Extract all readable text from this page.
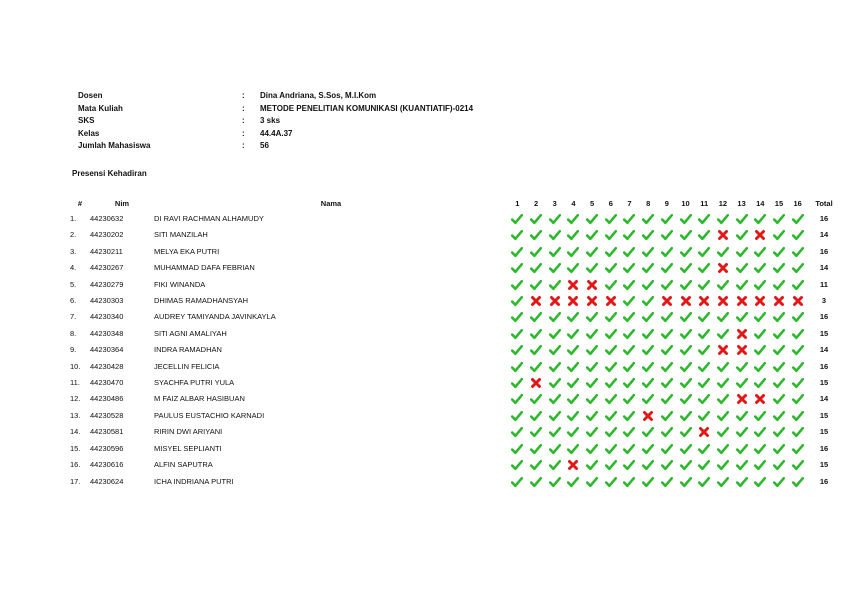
Dosen	: Dina Andriana, S.Sos, M.I.Kom
Mata Kuliah	: METODE PENELITIAN KOMUNIKASI (KUANTIATIF)-0214
SKS	: 3 sks
Kelas	: 44.4A.37
Jumlah Mahasiswa	: 56
Presensi Kehadiran
#	Nim	Nama	1	2	3	4	5	6	7	8	9	10	11	12	13	14	15	16	Total
1.	44230632	DI RAVI RACHMAN ALHAMUDY																	16
2.	44230202	SITI MANZILAH																	14
3.	44230211	MELYA EKA PUTRI																	16
4.	44230267	MUHAMMAD DAFA FEBRIAN																	14
5.	44230279	FIKI WINANDA																	11
6.	44230303	DHIMAS RAMADHANSYAH																	3
7.	44230340	AUDREY TAMIYANDA JAVINKAYLA																	16
8.	44230348	SITI AGNI AMALIYAH																	15
9.	44230364	INDRA RAMADHAN																	14
10.	44230428	JECELLIN FELICIA																	16
11.	44230470	SYACHFA PUTRI YULA																	15
12.	44230486	M FAIZ ALBAR HASIBUAN																	14
13.	44230528	PAULUS EUSTACHIO KARNADI																	15
14.	44230581	RIRIN DWI ARIYANI																	15
15.	44230596	MISYEL SEPLIANTI																	16
16.	44230616	ALFIN SAPUTRA																	15
17.	44230624	ICHA INDRIANA PUTRI																	16
